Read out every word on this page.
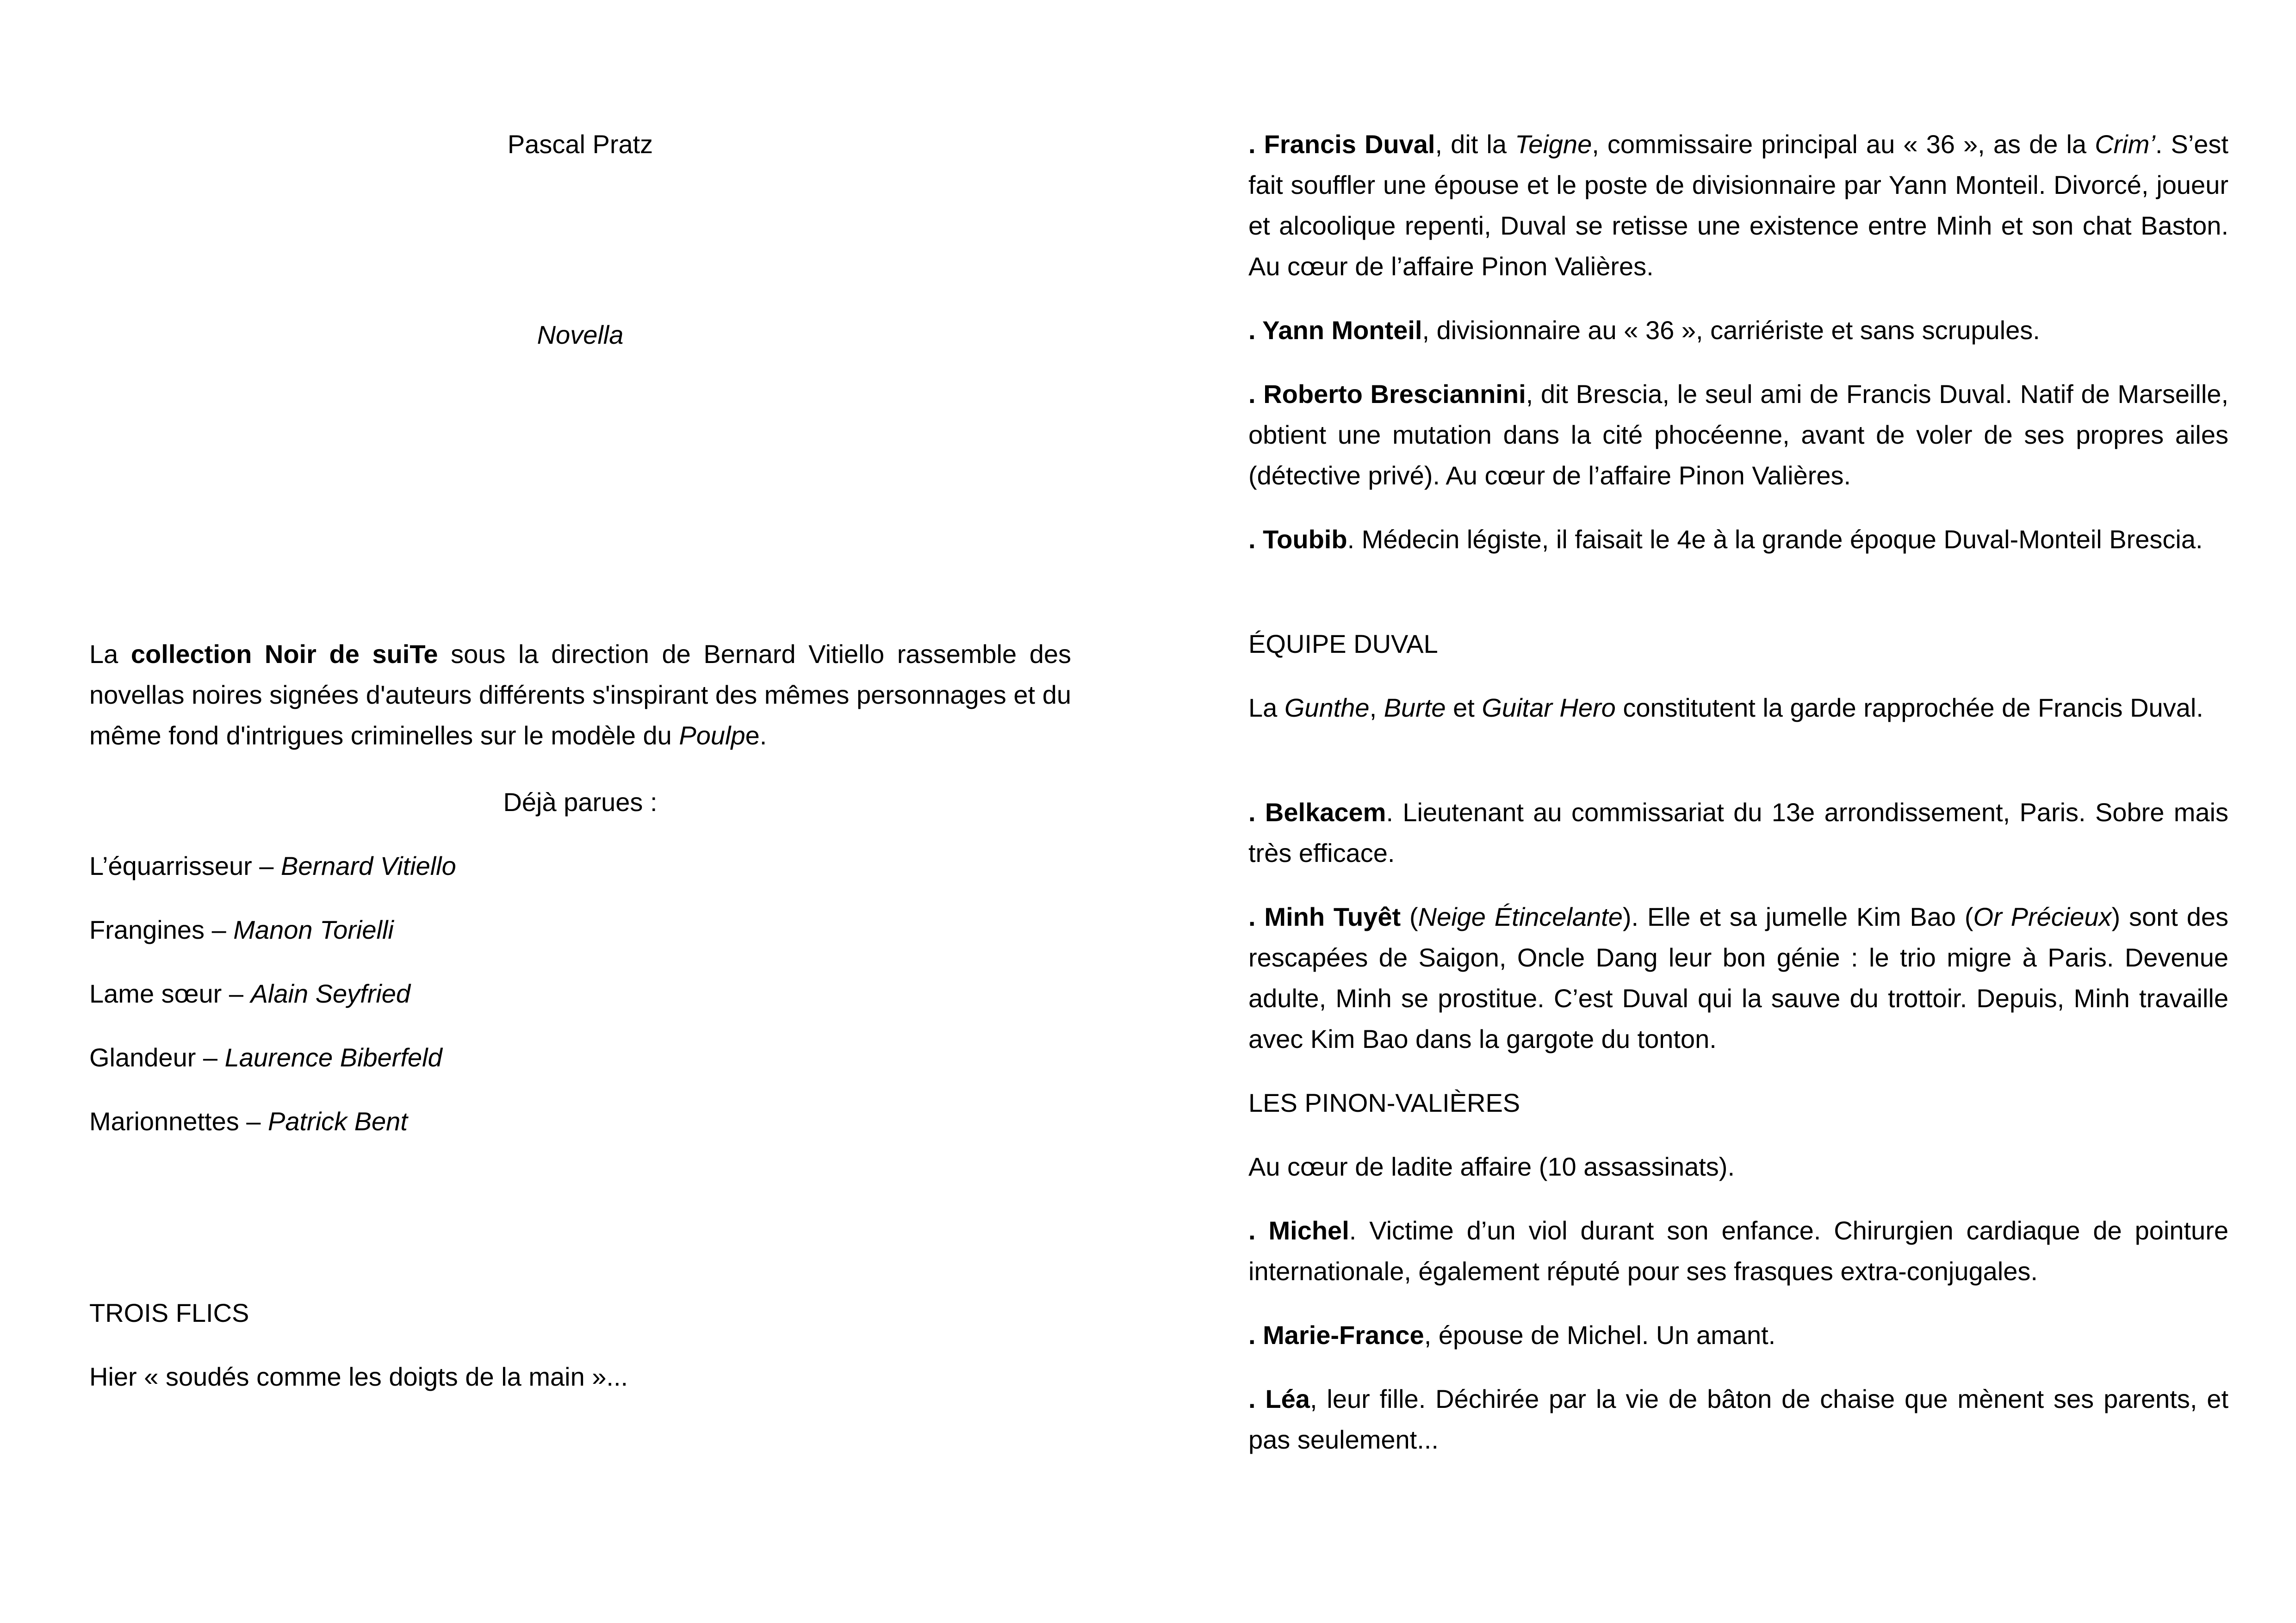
Pascal Pratz

Novella

La collection Noir de suiTe sous la direction de Bernard Vitiello rassemble des novellas noires signées d'auteurs différents s'inspirant des mêmes personnages et du même fond d'intrigues criminelles sur le modèle du Poulpe.

Déjà parues :

L’équarrisseur – Bernard Vitiello

Frangines – Manon Torielli

Lame sœur – Alain Seyfried

Glandeur – Laurence Biberfeld

Marionnettes – Patrick Bent

TROIS FLICS

Hier « soudés comme les doigts de la main »...

. Francis Duval, dit la Teigne, commissaire principal au « 36 », as de la Crim’. S’est fait souffler une épouse et le poste de divisionnaire par Yann Monteil. Divorcé, joueur et alcoolique repenti, Duval se retisse une existence entre Minh et son chat Baston. Au cœur de l’affaire Pinon Valières.

. Yann Monteil, divisionnaire au « 36 », carriériste et sans scrupules.

. Roberto Bresciannini, dit Brescia, le seul ami de Francis Duval. Natif de Marseille, obtient une mutation dans la cité phocéenne, avant de voler de ses propres ailes (détective privé). Au cœur de l’affaire Pinon Valières.

. Toubib. Médecin légiste, il faisait le 4e à la grande époque Duval-Monteil Brescia.

ÉQUIPE DUVAL

La Gunthe, Burte et Guitar Hero constitutent la garde rapprochée de Francis Duval.

. Belkacem. Lieutenant au commissariat du 13e arrondissement, Paris. Sobre mais très efficace.

. Minh Tuyêt (Neige Étincelante). Elle et sa jumelle Kim Bao (Or Précieux) sont des rescapées de Saigon, Oncle Dang leur bon génie : le trio migre à Paris. Devenue adulte, Minh se prostitue. C’est Duval qui la sauve du trottoir. Depuis, Minh travaille avec Kim Bao dans la gargote du tonton.

LES PINON-VALIÈRES

Au cœur de ladite affaire (10 assassinats).

. Michel. Victime d’un viol durant son enfance. Chirurgien cardiaque de pointure internationale, également réputé pour ses frasques extra-conjugales.

. Marie-France, épouse de Michel. Un amant.

. Léa, leur fille. Déchirée par la vie de bâton de chaise que mènent ses parents, et pas seulement...
